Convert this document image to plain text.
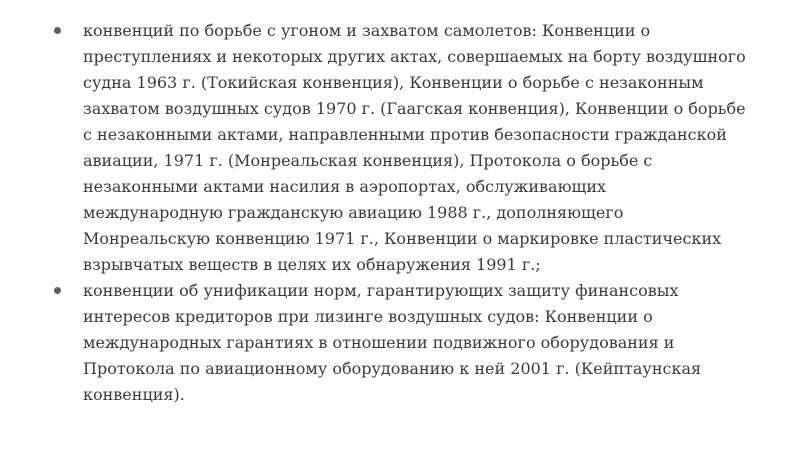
конвенций по борьбе с угоном и захватом самолетов: Конвенции о преступлениях и некоторых других актах, совершаемых на борту воздушного судна 1963 г. (Токийская конвенция), Конвенции о борьбе с незаконным захватом воздушных судов 1970 г. (Гаагская конвенция), Конвенции о борьбе с незаконными актами, направленными против безопасности гражданской авиации, 1971 г. (Монреальская конвенция), Протокола о борьбе с незаконными актами насилия в аэропортах, обслуживающих международную гражданскую авиацию 1988 г., дополняющего Монреальскую конвенцию 1971 г., Конвенции о маркировке пластических взрывчатых веществ в целях их обнаружения 1991 г.;
конвенции об унификации норм, гарантирующих защиту финансовых интересов кредиторов при лизинге воздушных судов: Конвенции о международных гарантиях в отношении подвижного оборудования и Протокола по авиационному оборудованию к ней 2001 г. (Кейптаунская конвенция).
